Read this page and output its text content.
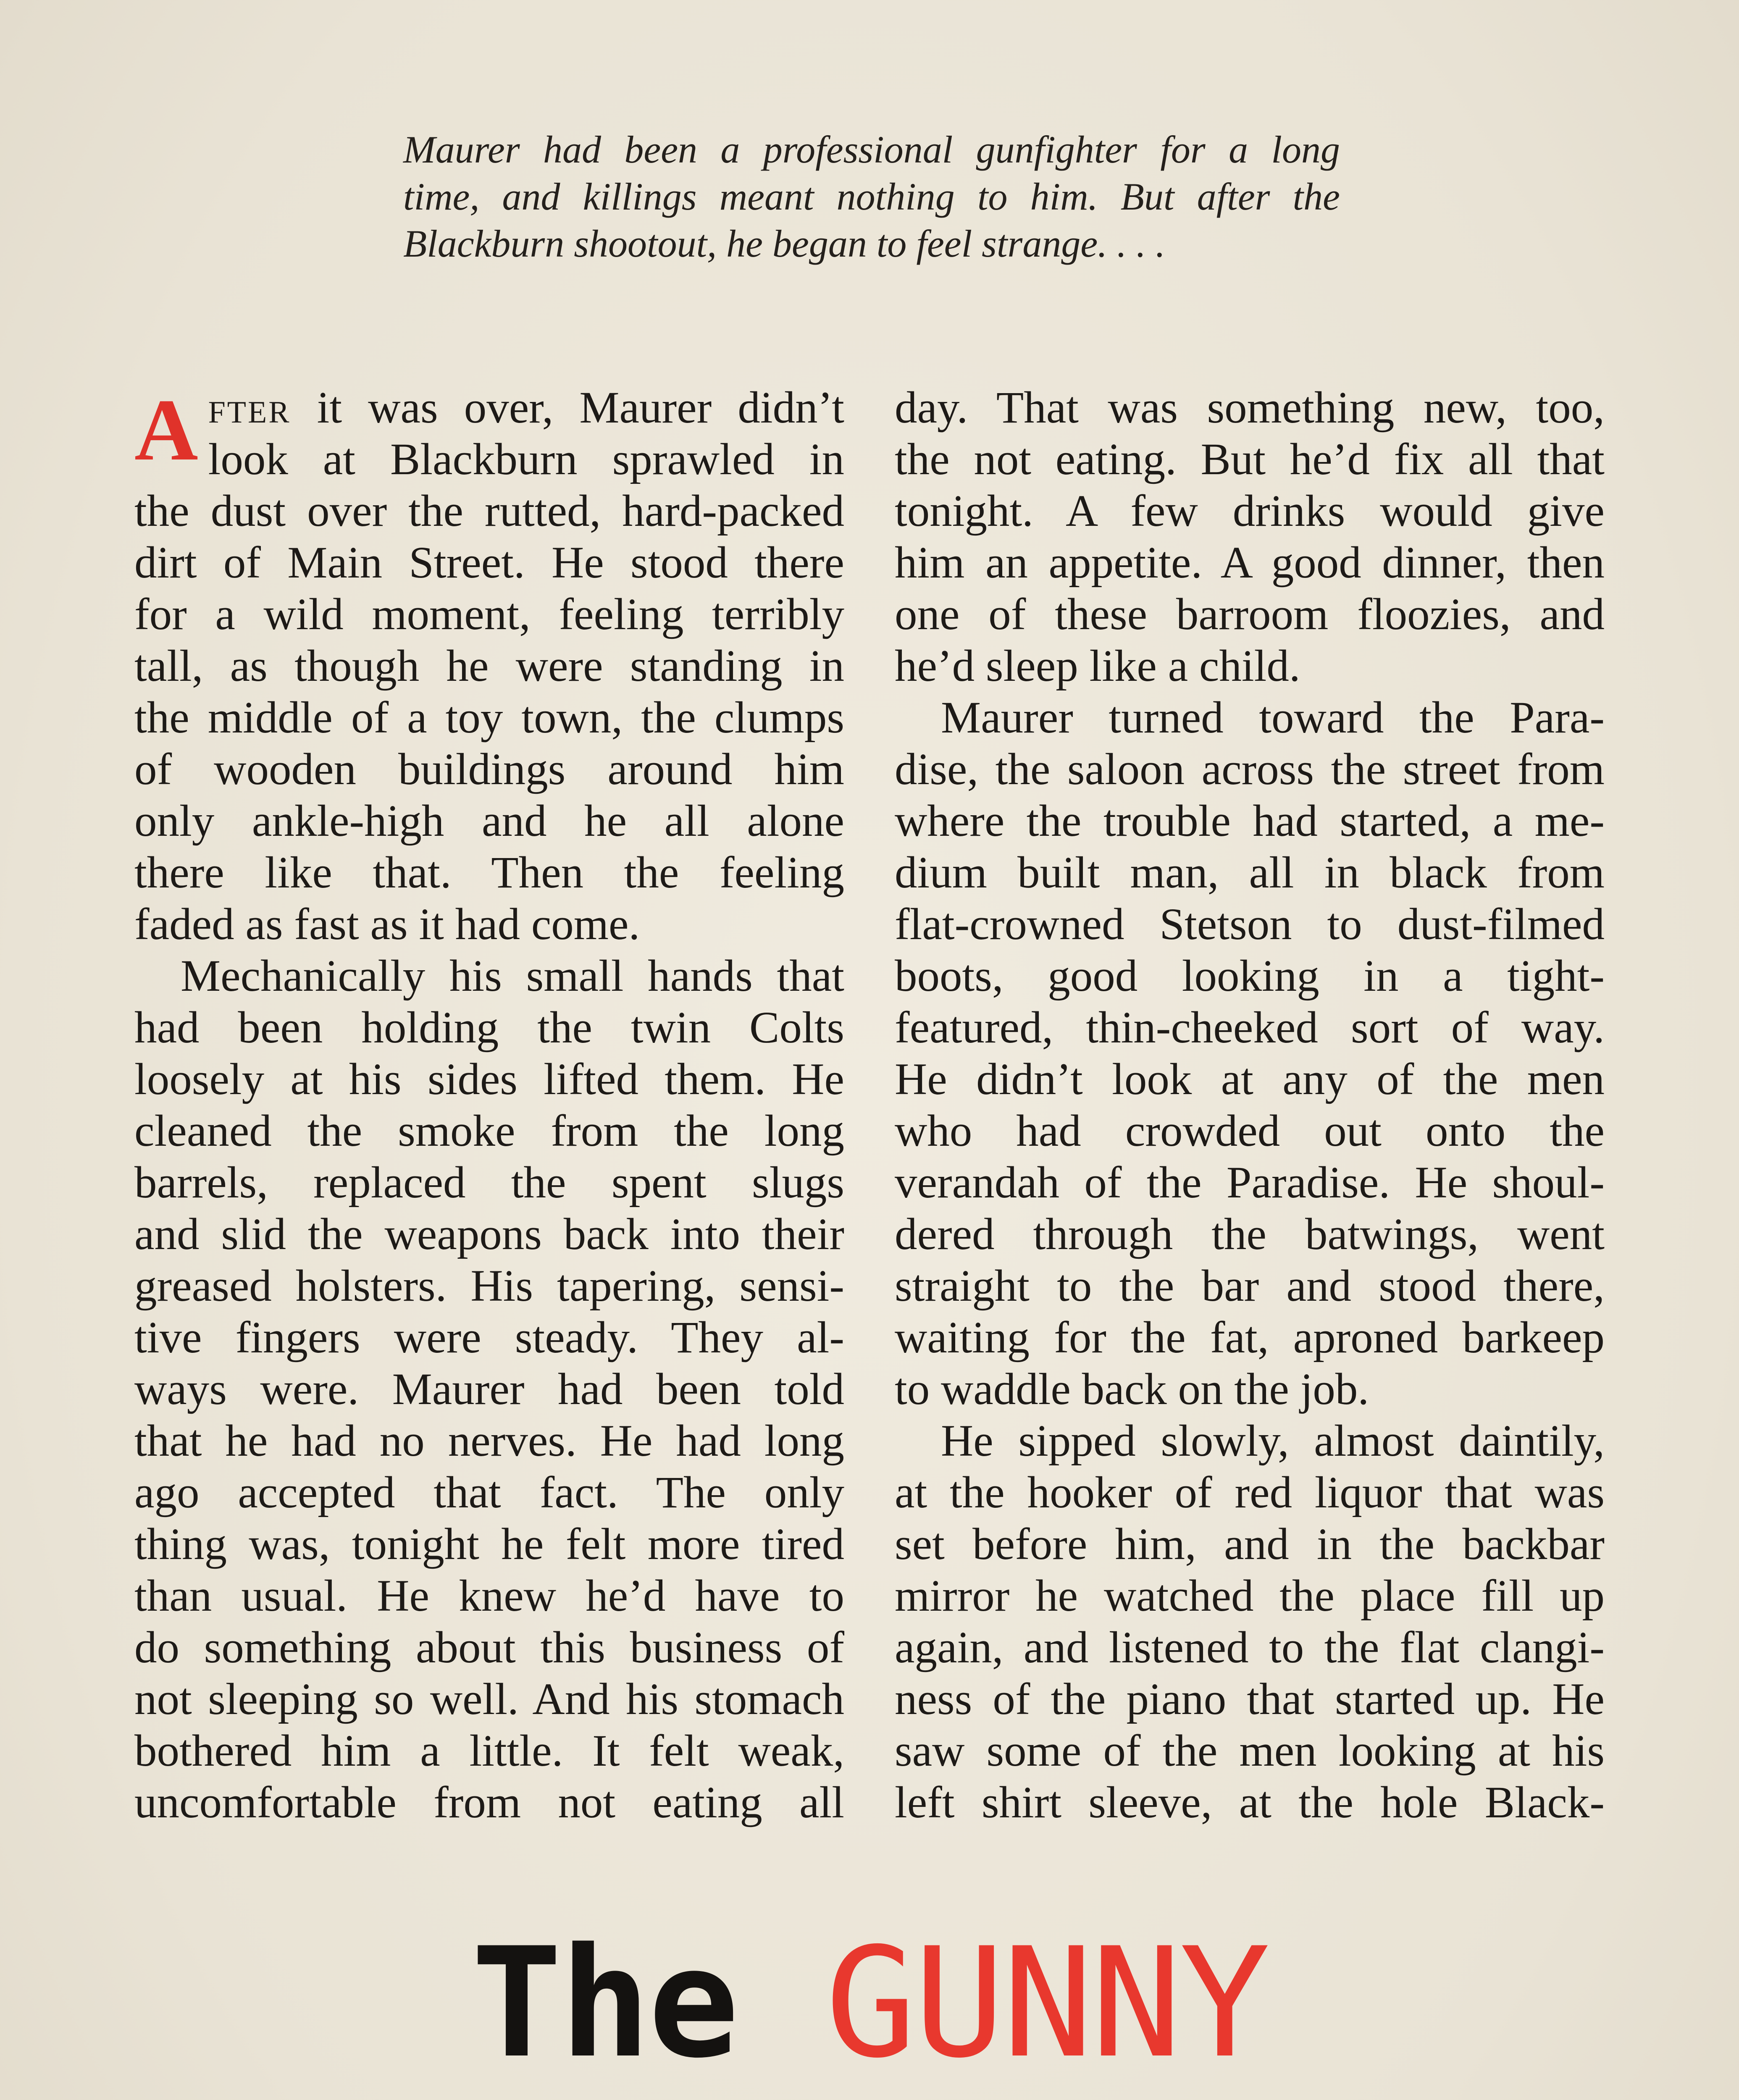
Maurer had been a professional gunfighter for a long
time, and killings meant nothing to him. But after the
Blackburn shootout, he began to feel strange. . . .
A FTER it was over, Maurer didn’t
look at Blackburn sprawled in
the dust over the rutted, hard-packed
dirt of Main Street. He stood there
for a wild moment, feeling terribly
tall, as though he were standing in
the middle of a toy town, the clumps
of wooden buildings around him
only ankle-high and he all alone
there like that. Then the feeling
faded as fast as it had come.
Mechanically his small hands that
had been holding the twin Colts
loosely at his sides lifted them. He
cleaned the smoke from the long
barrels, replaced the spent slugs
and slid the weapons back into their
greased holsters. His tapering, sensi-
tive fingers were steady. They al-
ways were. Maurer had been told
that he had no nerves. He had long
ago accepted that fact. The only
thing was, tonight he felt more tired
than usual. He knew he’d have to
do something about this business of
not sleeping so well. And his stomach
bothered him a little. It felt weak,
uncomfortable from not eating all
day. That was something new, too,
the not eating. But he’d fix all that
tonight. A few drinks would give
him an appetite. A good dinner, then
one of these barroom floozies, and
he’d sleep like a child.
Maurer turned toward the Para-
dise, the saloon across the street from
where the trouble had started, a me-
dium built man, all in black from
flat-crowned Stetson to dust-filmed
boots, good looking in a tight-
featured, thin-cheeked sort of way.
He didn’t look at any of the men
who had crowded out onto the
verandah of the Paradise. He shoul-
dered through the batwings, went
straight to the bar and stood there,
waiting for the fat, aproned barkeep
to waddle back on the job.
He sipped slowly, almost daintily,
at the hooker of red liquor that was
set before him, and in the backbar
mirror he watched the place fill up
again, and listened to the flat clangi-
ness of the piano that started up. He
saw some of the men looking at his
left shirt sleeve, at the hole Black-
The GUNNY
